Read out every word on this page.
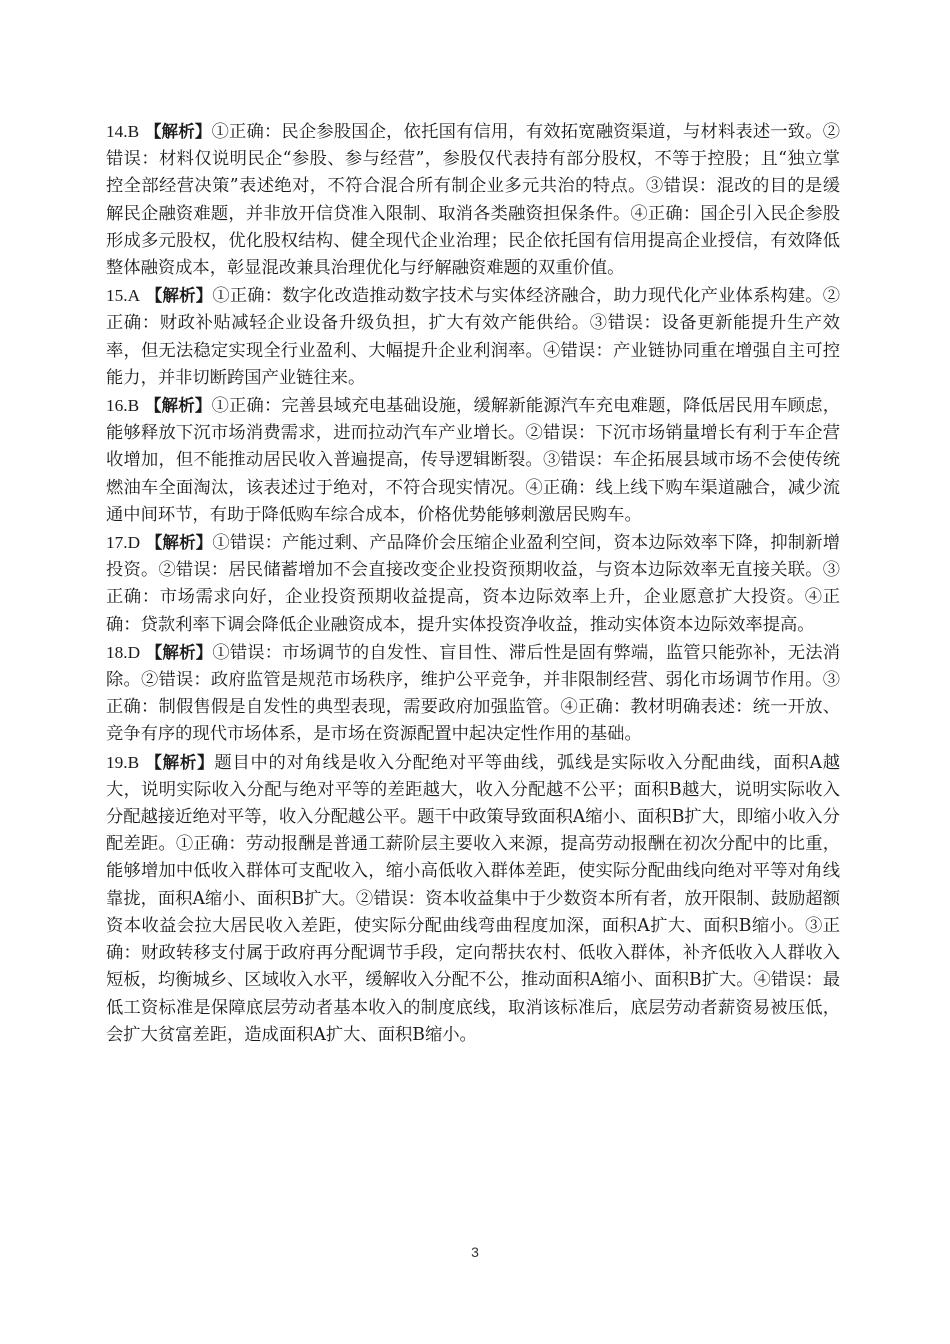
14.B 【解析】①正确：民企参股国企，依托国有信用，有效拓宽融资渠道，与材料表述一致。②错误：材料仅说明民企“参股、参与经营”，参股仅代表持有部分股权，不等于控股；且“独立掌控全部经营决策”表述绝对，不符合混合所有制企业多元共治的特点。③错误：混改的目的是缓解民企融资难题，并非放开信贷准入限制、取消各类融资担保条件。④正确：国企引入民企参股形成多元股权，优化股权结构、健全现代企业治理；民企依托国有信用提高企业授信，有效降低整体融资成本，彰显混改兼具治理优化与纾解融资难题的双重价值。

15.A 【解析】①正确：数字化改造推动数字技术与实体经济融合，助力现代化产业体系构建。②正确：财政补贴减轻企业设备升级负担，扩大有效产能供给。③错误：设备更新能提升生产效率，但无法稳定实现全行业盈利、大幅提升企业利润率。④错误：产业链协同重在增强自主可控能力，并非切断跨国产业链往来。

16.B 【解析】①正确：完善县域充电基础设施，缓解新能源汽车充电难题，降低居民用车顾虑，能够释放下沉市场消费需求，进而拉动汽车产业增长。②错误：下沉市场销量增长有利于车企营收增加，但不能推动居民收入普遍提高，传导逻辑断裂。③错误：车企拓展县域市场不会使传统燃油车全面淘汰，该表述过于绝对，不符合现实情况。④正确：线上线下购车渠道融合，减少流通中间环节，有助于降低购车综合成本，价格优势能够刺激居民购车。

17.D 【解析】①错误：产能过剩、产品降价会压缩企业盈利空间，资本边际效率下降，抑制新增投资。②错误：居民储蓄增加不会直接改变企业投资预期收益，与资本边际效率无直接关联。③正确：市场需求向好，企业投资预期收益提高，资本边际效率上升，企业愿意扩大投资。④正确：贷款利率下调会降低企业融资成本，提升实体投资净收益，推动实体资本边际效率提高。

18.D 【解析】①错误：市场调节的自发性、盲目性、滞后性是固有弊端，监管只能弥补，无法消除。②错误：政府监管是规范市场秩序，维护公平竞争，并非限制经营、弱化市场调节作用。③正确：制假售假是自发性的典型表现，需要政府加强监管。④正确：教材明确表述：统一开放、竞争有序的现代市场体系，是市场在资源配置中起决定性作用的基础。

19.B 【解析】题目中的对角线是收入分配绝对平等曲线，弧线是实际收入分配曲线，面积A越大，说明实际收入分配与绝对平等的差距越大，收入分配越不公平；面积B越大，说明实际收入分配越接近绝对平等，收入分配越公平。题干中政策导致面积A缩小、面积B扩大，即缩小收入分配差距。①正确：劳动报酬是普通工薪阶层主要收入来源，提高劳动报酬在初次分配中的比重，能够增加中低收入群体可支配收入，缩小高低收入群体差距，使实际分配曲线向绝对平等对角线靠拢，面积A缩小、面积B扩大。②错误：资本收益集中于少数资本所有者，放开限制、鼓励超额资本收益会拉大居民收入差距，使实际分配曲线弯曲程度加深，面积A扩大、面积B缩小。③正确：财政转移支付属于政府再分配调节手段，定向帮扶农村、低收入群体，补齐低收入人群收入短板，均衡城乡、区域收入水平，缓解收入分配不公，推动面积A缩小、面积B扩大。④错误：最低工资标准是保障底层劳动者基本收入的制度底线，取消该标准后，底层劳动者薪资易被压低，会扩大贫富差距，造成面积A扩大、面积B缩小。

3
